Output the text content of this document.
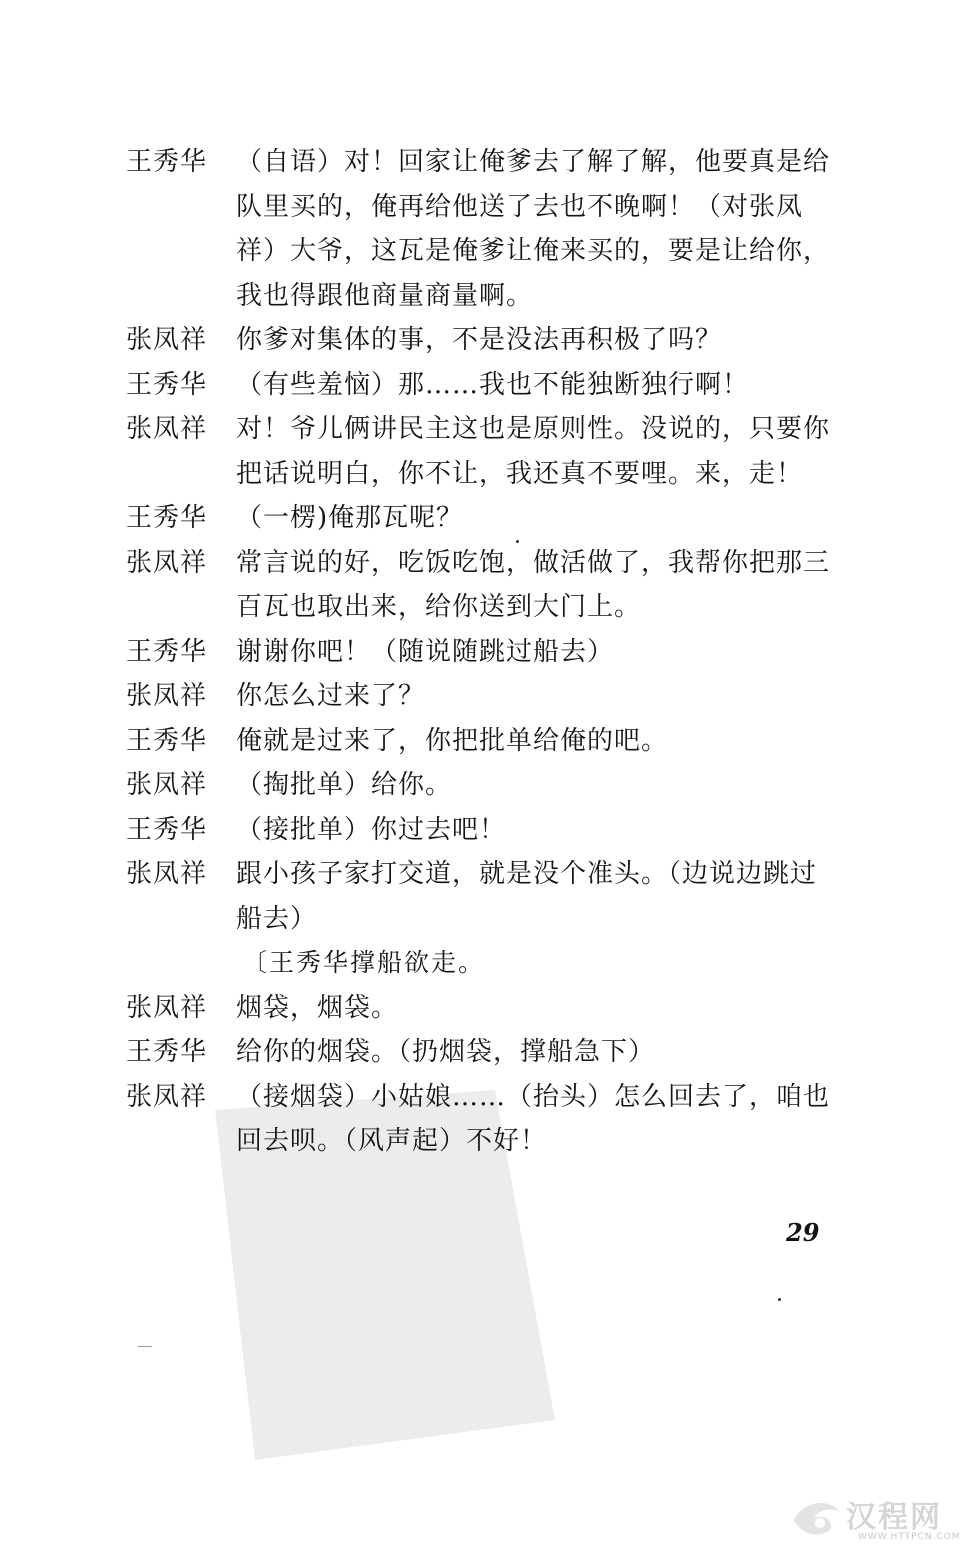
王秀华	（自语）对！回家让俺爹去了解了解，他要真是给
队里买的，俺再给他送了去也不晚啊！（对张凤
祥）大爷，这瓦是俺爹让俺来买的，要是让给你，
我也得跟他商量商量啊。
张凤祥	你爹对集体的事，不是没法再积极了吗？
王秀华	（有些羞恼）那……我也不能独断独行啊！
张凤祥	对！爷儿俩讲民主这也是原则性。没说的，只要你
把话说明白，你不让，我还真不要哩。来，走！
王秀华	（一楞)俺那瓦呢？
张凤祥	常言说的好，吃饭吃饱，做活做了，我帮你把那三
百瓦也取出来，给你送到大门上。
王秀华	谢谢你吧！（随说随跳过船去）
张凤祥	你怎么过来了？
王秀华	俺就是过来了，你把批单给俺的吧。
张凤祥	（掏批单）给你。
王秀华	（接批单）你过去吧！
张凤祥	跟小孩子家打交道，就是没个准头。（边说边跳过
船去）
〔王秀华撑船欲走。
张凤祥	烟袋，烟袋。
王秀华	给你的烟袋。（扔烟袋，撑船急下）
张凤祥	（接烟袋）小姑娘……（抬头）怎么回去了，咱也
回去呗。（风声起）不好！
29
汉程网
WWW.HTTPCN.COM
